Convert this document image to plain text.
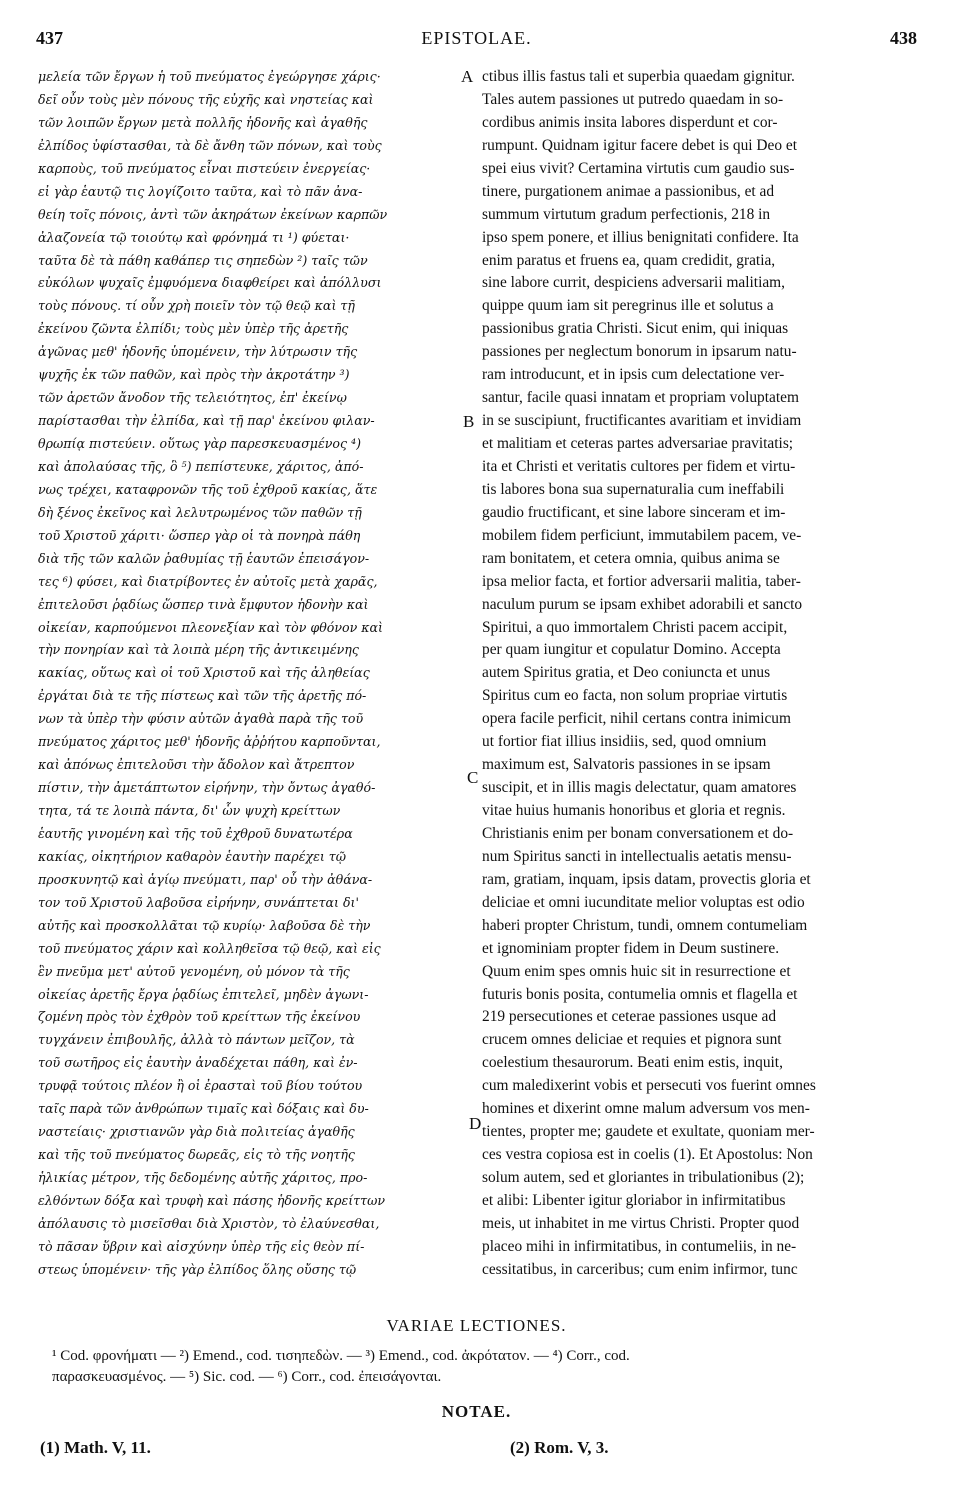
437	EPISTOLAE.	438
μελεία τῶν ἔργων ἡ τοῦ πνεύματος ἐγεώργησε χάρις·
δεῖ οὖν τοὺς μὲν πόνους τῆς εὐχῆς καὶ νηστείας καὶ
τῶν λοιπῶν ἔργων μετὰ πολλῆς ἡδονῆς καὶ ἀγαθῆς
ἐλπίδος ὑφίστασθαι, τὰ δὲ ἄνθη τῶν πόνων, καὶ τοὺς
καρποὺς, τοῦ πνεύματος εἶναι πιστεύειν ἐνεργείας·
εἰ γὰρ ἑαυτῷ τις λογίζοιτο ταῦτα, καὶ τὸ πᾶν ἀνα-
θείη τοῖς πόνοις, ἀντὶ τῶν ἀκηράτων ἐκείνων καρπῶν
ἀλαζονεία τῷ τοιούτῳ καὶ φρόνημά τι ¹) φύεται·
ταῦτα δὲ τὰ πάθη καθάπερ τις σηπεδὼν ²) ταῖς τῶν
εὐκόλων ψυχαῖς ἐμφυόμενα διαφθείρει καὶ ἀπόλλυσι
τοὺς πόνους. τί οὖν χρὴ ποιεῖν τὸν τῷ θεῷ καὶ τῇ
ἐκείνου ζῶντα ἐλπίδι; τοὺς μὲν ὑπὲρ τῆς ἀρετῆς
ἀγῶνας μεθ' ἡδονῆς ὑπομένειν, τὴν λύτρωσιν τῆς
ψυχῆς ἐκ τῶν παθῶν, καὶ πρὸς τὴν ἀκροτάτην ³)
τῶν ἀρετῶν ἄνοδον τῆς τελειότητος, ἐπ' ἐκείνῳ
παρίστασθαι τὴν ἐλπίδα, καὶ τῇ παρ' ἐκείνου φιλαν-
θρωπίᾳ πιστεύειν. οὕτως γὰρ παρεσκευασμένος ⁴)
καὶ ἀπολαύσας τῆς, ὃ ⁵) πεπίστευκε, χάριτος, ἀπό-
νως τρέχει, καταφρονῶν τῆς τοῦ ἐχθροῦ κακίας, ἅτε
δὴ ξένος ἐκεῖνος καὶ λελυτρωμένος τῶν παθῶν τῇ
τοῦ Χριστοῦ χάριτι· ὥσπερ γὰρ οἱ τὰ πονηρὰ πάθη
διὰ τῆς τῶν καλῶν ῥαθυμίας τῇ ἑαυτῶν ἐπεισάγον-
τες ⁶) φύσει, καὶ διατρίβοντες ἐν αὐτοῖς μετὰ χαρᾶς,
ἐπιτελοῦσι ῥᾳδίως ὥσπερ τινὰ ἔμφυτον ἡδονὴν καὶ
οἰκείαν, καρπούμενοι πλεονεξίαν καὶ τὸν φθόνον καὶ
τὴν πονηρίαν καὶ τὰ λοιπὰ μέρη τῆς ἀντικειμένης
κακίας, οὕτως καὶ οἱ τοῦ Χριστοῦ καὶ τῆς ἀληθείας
ἐργάται διὰ τε τῆς πίστεως καὶ τῶν τῆς ἀρετῆς πό-
νων τὰ ὑπὲρ τὴν φύσιν αὐτῶν ἀγαθὰ παρὰ τῆς τοῦ
πνεύματος χάριτος μεθ' ἡδονῆς ἀῤῥήτου καρποῦνται,
καὶ ἀπόνως ἐπιτελοῦσι τὴν ἄδολον καὶ ἄτρεπτον
πίστιν, τὴν ἀμετάπτωτον εἰρήνην, τὴν ὄντως ἀγαθό-
τητα, τά τε λοιπὰ πάντα, δι' ὧν ψυχὴ κρείττων
ἑαυτῆς γινομένη καὶ τῆς τοῦ ἐχθροῦ δυνατωτέρα
κακίας, οἰκητήριον καθαρὸν ἑαυτὴν παρέχει τῷ
προσκυνητῷ καὶ ἁγίῳ πνεύματι, παρ' οὗ τὴν ἀθάνα-
τον τοῦ Χριστοῦ λαβοῦσα εἰρήνην, συνάπτεται δι'
αὐτῆς καὶ προσκολλᾶται τῷ κυρίῳ· λαβοῦσα δὲ τὴν
τοῦ πνεύματος χάριν καὶ κολληθεῖσα τῷ θεῷ, καὶ εἰς
ἓν πνεῦμα μετ' αὐτοῦ γενομένη, οὐ μόνον τὰ τῆς
οἰκείας ἀρετῆς ἔργα ῥᾳδίως ἐπιτελεῖ, μηδὲν ἀγωνι-
ζομένη πρὸς τὸν ἐχθρὸν τοῦ κρείττων τῆς ἐκείνου
τυγχάνειν ἐπιβουλῆς, ἀλλὰ τὸ πάντων μεῖζον, τὰ
τοῦ σωτῆρος εἰς ἑαυτὴν ἀναδέχεται πάθη, καὶ ἐν-
τρυφᾷ τούτοις πλέον ἢ οἱ ἐρασταὶ τοῦ βίου τούτου
ταῖς παρὰ τῶν ἀνθρώπων τιμαῖς καὶ δόξαις καὶ δυ-
ναστείαις· χριστιανῶν γὰρ διὰ πολιτείας ἀγαθῆς
καὶ τῆς τοῦ πνεύματος δωρεᾶς, εἰς τὸ τῆς νοητῆς
ἡλικίας μέτρον, τῆς δεδομένης αὐτῆς χάριτος, προ-
ελθόντων δόξα καὶ τρυφὴ καὶ πάσης ἡδονῆς κρείττων
ἀπόλαυσις τὸ μισεῖσθαι διὰ Χριστὸν, τὸ ἐλαύνεσθαι,
τὸ πᾶσαν ὕβριν καὶ αἰσχύνην ὑπὲρ τῆς εἰς θεὸν πί-
στεως ὑπομένειν· τῆς γὰρ ἐλπίδος ὅλης οὔσης τῷ
ctibus illis fastus tali et superbia quaedam gignitur.
Tales autem passiones ut putredo quaedam in so-
cordibus animis insita labores disperdunt et cor-
rumpunt. Quidnam igitur facere debet is qui Deo et
spei eius vivit? Certamina virtutis cum gaudio sus-
tinere, purgationem animae a passionibus, et ad
summum virtutum gradum perfectionis, 218 in
ipso spem ponere, et illius benignitati confidere. Ita
enim paratus et fruens ea, quam credidit, gratia,
sine labore currit, despiciens adversarii malitiam,
quippe quum iam sit peregrinus ille et solutus a
passionibus gratia Christi. Sicut enim, qui iniquas
passiones per neglectum bonorum in ipsarum natu-
ram introducunt, et in ipsis cum delectatione ver-
santur, facile quasi innatam et propriam voluptatem
in se suscipiunt, fructificantes avaritiam et invidiam
et malitiam et ceteras partes adversariae pravitatis;
ita et Christi et veritatis cultores per fidem et virtu-
tis labores bona sua supernaturalia cum ineffabili
gaudio fructificant, et sine labore sinceram et im-
mobilem fidem perficiunt, immutabilem pacem, ve-
ram bonitatem, et cetera omnia, quibus anima se
ipsa melior facta, et fortior adversarii malitia, taber-
naculum purum se ipsam exhibet adorabili et sancto
Spiritui, a quo immortalem Christi pacem accipit,
per quam iungitur et copulatur Domino. Accepta
autem Spiritus gratia, et Deo coniuncta et unus
Spiritus cum eo facta, non solum propriae virtutis
opera facile perficit, nihil certans contra inimicum
ut fortior fiat illius insidiis, sed, quod omnium
maximum est, Salvatoris passiones in se ipsam
suscipit, et in illis magis delectatur, quam amatores
vitae huius humanis honoribus et gloria et regnis.
Christianis enim per bonam conversationem et do-
num Spiritus sancti in intellectualis aetatis mensu-
ram, gratiam, inquam, ipsis datam, provectis gloria et
deliciae et omni iucunditate melior voluptas est odio
haberi propter Christum, tundi, omnem contumeliam
et ignominiam propter fidem in Deum sustinere.
Quum enim spes omnis huic sit in resurrectione et
futuris bonis posita, contumelia omnis et flagella et
219 persecutiones et ceterae passiones usque ad
crucem omnes deliciae et requies et pignora sunt
coelestium thesaurorum. Beati enim estis, inquit,
cum maledixerint vobis et persecuti vos fuerint omnes
homines et dixerint omne malum adversum vos men-
tientes, propter me; gaudete et exultate, quoniam mer-
ces vestra copiosa est in coelis (1). Et Apostolus: Non
solum autem, sed et gloriantes in tribulationibus (2);
et alibi: Libenter igitur gloriabor in infirmitatibus
meis, ut inhabitet in me virtus Christi. Propter quod
placeo mihi in infirmitatibus, in contumeliis, in ne-
cessitatibus, in carceribus; cum enim infirmor, tunc
A
B
C
D
VARIAE LECTIONES.
¹ Cod. φρονήματι — ²) Emend., cod. τισηπεδὼν. — ³) Emend., cod. ἀκρότατον. — ⁴) Corr., cod.
παρασκευασμένος. — ⁵) Sic. cod. — ⁶) Corr., cod. ἐπεισάγονται.
NOTAE.
(1) Math. V, 11.	(2) Rom. V, 3.
